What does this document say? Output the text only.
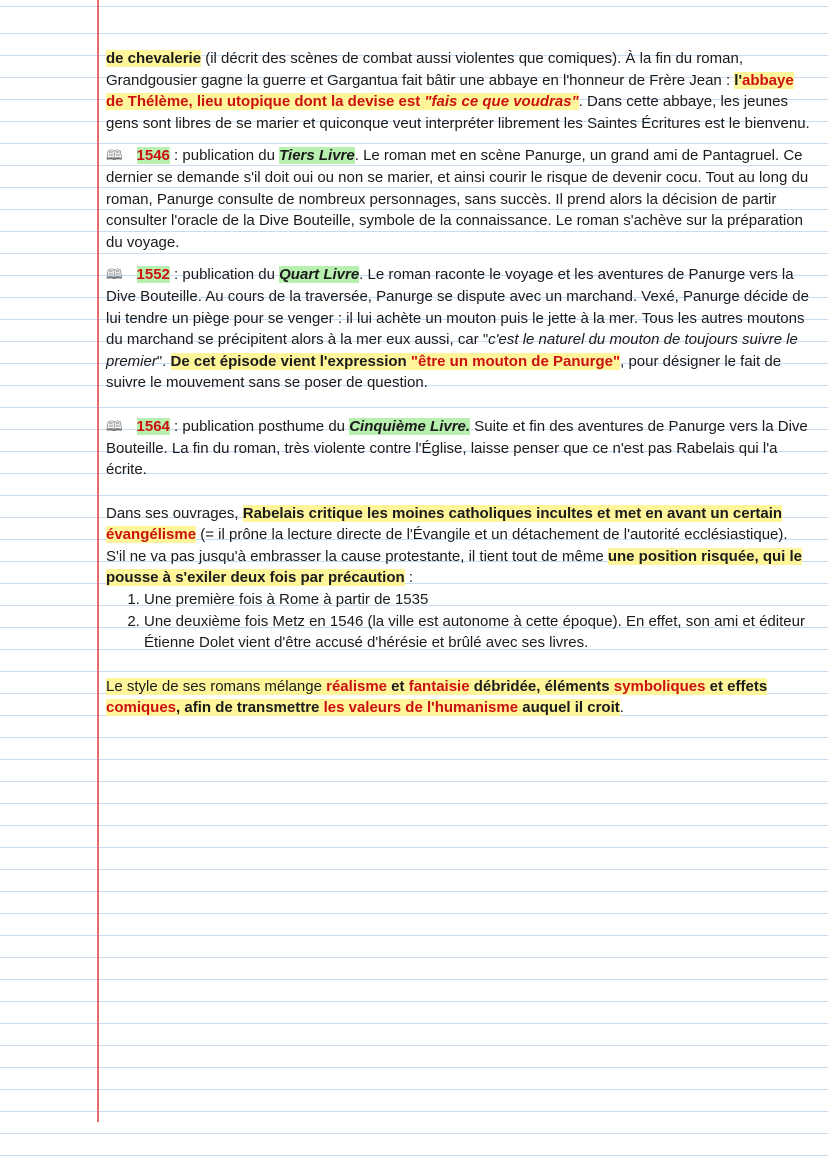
de chevalerie (il décrit des scènes de combat aussi violentes que comiques). À la fin du roman, Grandgousier gagne la guerre et Gargantua fait bâtir une abbaye en l'honneur de Frère Jean : l'abbaye de Thélème, lieu utopique dont la devise est "fais ce que voudras". Dans cette abbaye, les jeunes gens sont libres de se marier et quiconque veut interpréter librement les Saintes Écritures est le bienvenu.

🕮 1546 : publication du Tiers Livre. Le roman met en scène Panurge, un grand ami de Pantagruel. Ce dernier se demande s'il doit oui ou non se marier, et ainsi courir le risque de devenir cocu. Tout au long du roman, Panurge consulte de nombreux personnages, sans succès. Il prend alors la décision de partir consulter l'oracle de la Dive Bouteille, symbole de la connaissance. Le roman s'achève sur la préparation du voyage.

🕮 1552 : publication du Quart Livre. Le roman raconte le voyage et les aventures de Panurge vers la Dive Bouteille. Au cours de la traversée, Panurge se dispute avec un marchand. Vexé, Panurge décide de lui tendre un piège pour se venger : il lui achète un mouton puis le jette à la mer. Tous les autres moutons du marchand se précipitent alors à la mer eux aussi, car "c'est le naturel du mouton de toujours suivre le premier". De cet épisode vient l'expression "être un mouton de Panurge", pour désigner le fait de suivre le mouvement sans se poser de question.

🕮 1564 : publication posthume du Cinquième Livre. Suite et fin des aventures de Panurge vers la Dive Bouteille. La fin du roman, très violente contre l'Église, laisse penser que ce n'est pas Rabelais qui l'a écrite.

Dans ses ouvrages, Rabelais critique les moines catholiques incultes et met en avant un certain évangélisme (= il prône la lecture directe de l'Évangile et un détachement de l'autorité ecclésiastique). S'il ne va pas jusqu'à embrasser la cause protestante, il tient tout de même une position risquée, qui le pousse à s'exiler deux fois par précaution :

1. Une première fois à Rome à partir de 1535
2. Une deuxième fois Metz en 1546 (la ville est autonome à cette époque). En effet, son ami et éditeur Étienne Dolet vient d'être accusé d'hérésie et brûlé avec ses livres.

Le style de ses romans mélange réalisme et fantaisie débridée, éléments symboliques et effets comiques, afin de transmettre les valeurs de l'humanisme auquel il croit.
